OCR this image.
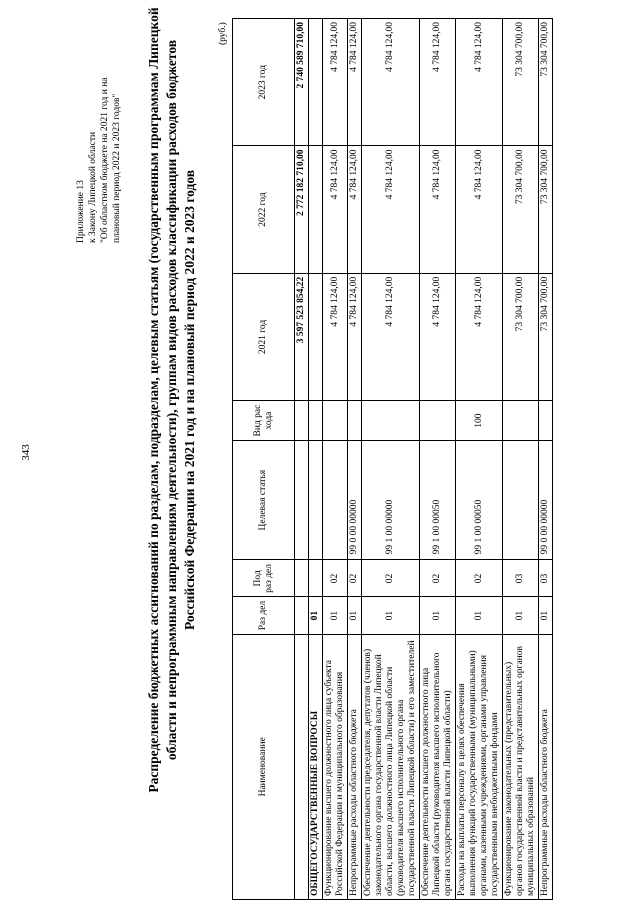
343
Приложение 13 к Закону Липецкой области "Об областном бюджете на 2021 год и на плановый период 2022 и 2023 годов" Распределение бюджетных ассигнований по разделам, подразделам, целевым статьям (государственным программам Липецкой области и непрограммным направлениям деятельности), группам видов расходов классификации расходов бюджетов Российской Федерации на 2021 год и на плановый период 2022 и 2023 годов
(руб.)
Наименование	Раз дел	Под раз дел	Целевая статья	Вид рас хода	2021 год	2022 год	2023 год
					3 597 523 854,22	2 772 182 710,00	2 740 589 710,00
ОБЩЕГОСУДАРСТВЕННЫЕ ВОПРОСЫ	01						
Функционирование высшего должностного лица субъекта Российской Федерации и муниципального образования	01	02			4 784 124,00	4 784 124,00	4 784 124,00
Непрограммные расходы областного бюджета	01	02	99 0 00 00000		4 784 124,00	4 784 124,00	4 784 124,00
Обеспечение деятельности председателя, депутатов (членов) законодательного органа государственной власти Липецкой области, высшего должностного лица Липецкой области (руководителя высшего исполнительного органа государственной власти Липецкой области) и его заместителей	01	02	99 1 00 00000		4 784 124,00	4 784 124,00	4 784 124,00
Обеспечение деятельности высшего должностного лица Липецкой области (руководителя высшего исполнительного органа государственной власти Липецкой области)	01	02	99 1 00 00050		4 784 124,00	4 784 124,00	4 784 124,00
Расходы на выплаты персоналу в целях обеспечения выполнения функций государственными (муниципальными) органами, казенными учреждениями, органами управления государственными внебюджетными фондами	01	02	99 1 00 00050	100	4 784 124,00	4 784 124,00	4 784 124,00
Функционирование законодательных (представительных) органов государственной власти и представительных органов муниципальных образований	01	03			73 304 700,00	73 304 700,00	73 304 700,00
Непрограммные расходы областного бюджета	01	03	99 0 00 00000		73 304 700,00	73 304 700,00	73 304 700,00
